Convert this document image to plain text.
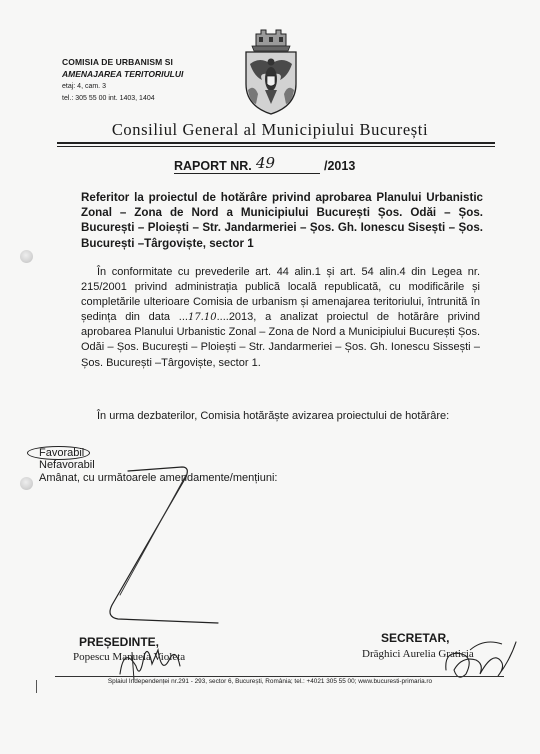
COMISIA DE URBANISM SI
AMENAJAREA TERITORIULUI
etaj: 4, cam. 3
tel.: 305 55 00 int. 1403, 1404
Consiliul General al Municipiului București
RAPORT NR. 49	/2013
Referitor la proiectul de hotărâre privind aprobarea Planului Urbanistic Zonal – Zona de Nord a Municipiului București Șos. Odăi – Șos. București – Ploiești – Str. Jandarmeriei – Șos. Gh. Ionescu Sisești – Șos. București –Târgoviște, sector 1
În conformitate cu prevederile art. 44 alin.1 și art. 54 alin.4 din Legea nr. 215/2001 privind administrația publică locală republicată, cu modificările și completările ulterioare Comisia de urbanism și amenajarea teritoriului, întrunită în ședința din data ...17.10....2013, a analizat proiectul de hotărâre privind aprobarea Planului Urbanistic Zonal – Zona de Nord a Municipiului București Șos. Odăi – Șos. București – Ploiești – Str. Jandarmeriei – Șos. Gh. Ionescu Sissești – Șos. București –Târgoviște, sector 1.
În urma dezbaterilor, Comisia hotărăște avizarea proiectului de hotărâre:
Favorabil
Nefavorabil
Amânat, cu următoarele amendamente/mențiuni:
PREȘEDINTE,
Popescu Manuela Violeta
SECRETAR,
Drăghici Aurelia Graticia
Splaiul Independenței nr.291 - 293, sector 6, București, România; tel.: +4021 305 55 00; www.bucuresti-primaria.ro
